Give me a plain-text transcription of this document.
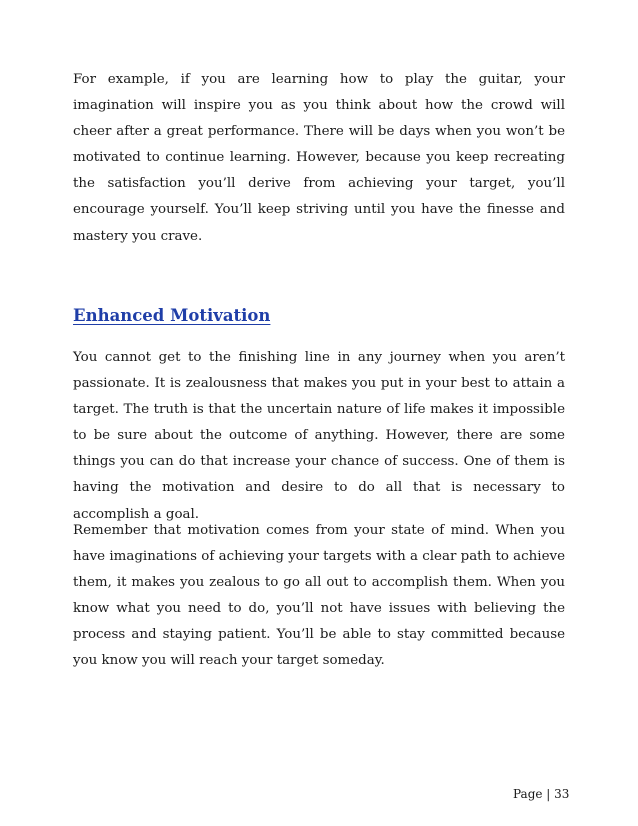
For example, if you are learning how to play the guitar, your imagination will inspire you as you think about how the crowd will cheer after a great performance. There will be days when you won’t be motivated to continue learning. However, because you keep recreating the satisfaction you’ll derive from achieving your target, you’ll encourage yourself. You’ll keep striving until you have the finesse and mastery you crave.

Enhanced Motivation

You cannot get to the finishing line in any journey when you aren’t passionate. It is zealousness that makes you put in your best to attain a target. The truth is that the uncertain nature of life makes it impossible to be sure about the outcome of anything. However, there are some things you can do that increase your chance of success. One of them is having the motivation and desire to do all that is necessary to accomplish a goal.

Remember that motivation comes from your state of mind. When you have imaginations of achieving your targets with a clear path to achieve them, it makes you zealous to go all out to accomplish them. When you know what you need to do, you’ll not have issues with believing the process and staying patient. You’ll be able to stay committed because you know you will reach your target someday.

Page | 33
